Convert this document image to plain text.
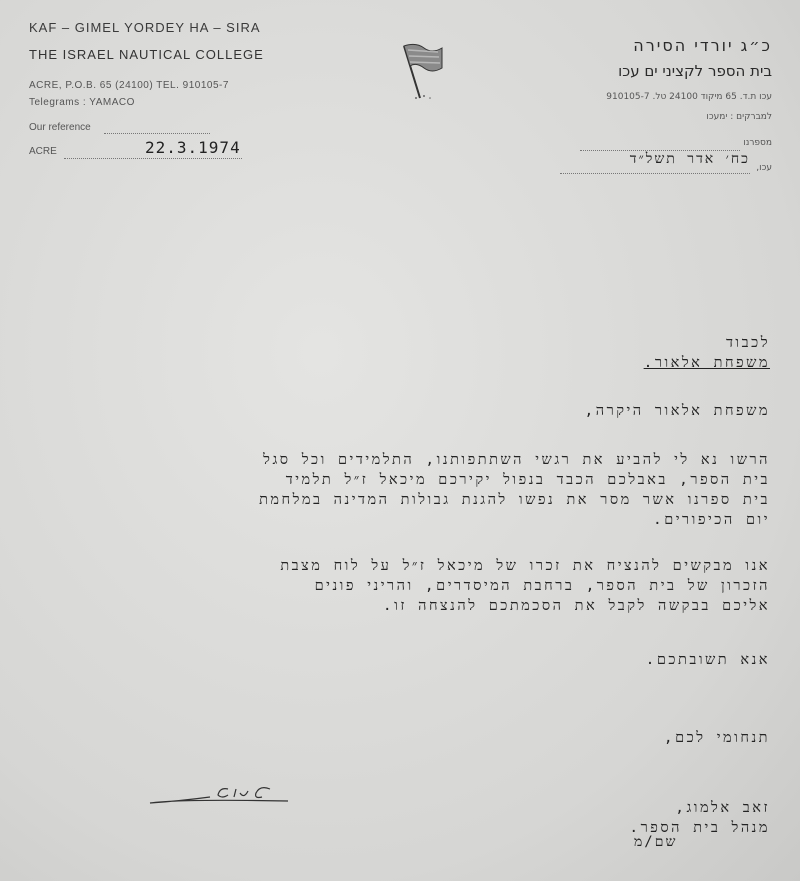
KAF – GIMEL YORDEY HA – SIRA
THE ISRAEL NAUTICAL COLLEGE
ACRE, P.O.B. 65 (24100) TEL. 910105-7
Telegrams : YAMACO
Our reference
ACRE	22.3.1974
כ״ג יורדי הסירה
בית הספר לקציני ים עכו
עכו ת.ד. 65 מיקוד 24100 טל. 910105-7
למברקים : ימעכו
מספרנו
עכו,
כח׳ אדר תשל״ד
לכבוד
משפחת אלאור.
משפחת אלאור היקרה,
הרשו נא לי להביע את רגשי השתתפותנו, התלמידים וכל סגל
בית הספר, באבלכם הכבד בנפול יקירכם מיכאל ז״ל תלמיד
בית ספרנו אשר מסר את נפשו להגנת גבולות המדינה במלחמת
יום הכיפורים.
אנו מבקשים להנציח את זכרו של מיכאל ז״ל על לוח מצבת
הזכרון של בית הספר, ברחבת המיסדרים, והריני פונים
אליכם בבקשה לקבל את הסכמתכם להנצחה זו.
אנא תשובתכם.
תנחומי לכם,
זאב אלמוג,
מנהל בית הספר.
שם/מ
